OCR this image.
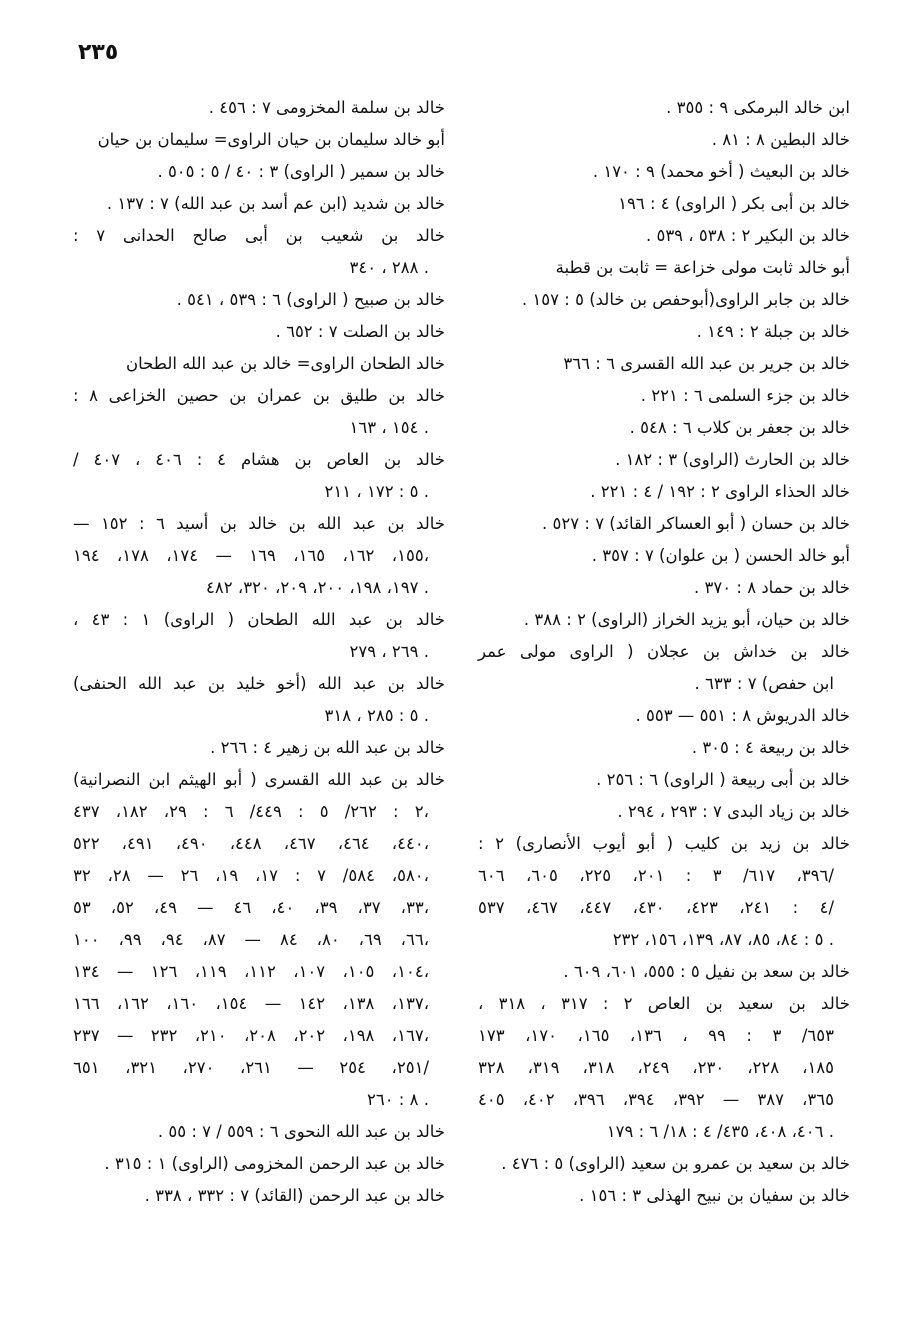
٢٣٥
ابن خالد البرمكى ٩ : ٣٥٥ .
خالد البطين ٨ : ٨١ .
خالد بن البعيث ( أخو محمد) ٩ : ١٧٠ .
خالد بن أبى بكر ( الراوى) ٤ : ١٩٦
خالد بن البكير ٢ : ٥٣٨ ، ٥٣٩ .
أبو خالد ثابت مولى خزاعة = ثابت بن قطبة
خالد بن جابر الراوى(أبوحفص بن خالد) ٥ : ١٥٧ .
خالد بن جبلة ٢ : ١٤٩ .
خالد بن جرير بن عبد الله القسرى ٦ : ٣٦٦
خالد بن جزء السلمى ٦ : ٢٢١ .
خالد بن جعفر بن كلاب ٦ : ٥٤٨ .
خالد بن الحارث (الراوى) ٣ : ١٨٢ .
خالد الحذاء الراوى ٢ : ١٩٢ / ٤ : ٢٢١ .
خالد بن حسان ( أبو العساكر القائد) ٧ : ٥٢٧ .
أبو خالد الحسن ( بن علوان) ٧ : ٣٥٧ .
خالد بن حماد ٨ : ٣٧٠ .
خالد بن حيان، أبو يزيد الخراز (الراوى) ٢ : ٣٨٨ .
خالد بن خداش بن عجلان ( الراوى مولى عمر
ابن حفص) ٧ : ٦٣٣ .
خالد الدريوش ٨ : ٥٥١ — ٥٥٣ .
خالد بن ربيعة ٤ : ٣٠٥ .
خالد بن أبى ربيعة ( الراوى) ٦ : ٢٥٦ .
خالد بن زياد البدى ٧ : ٢٩٣ ، ٢٩٤ .
خالد بن زيد بن كليب ( أبو أيوب الأنصارى) ٢ :
٣٩٦، ٦١٧/ ٣ : ٢٠١، ٢٢٥، ٦٠٥، ٦٠٦/
٤ : ٢٤١، ٤٢٣، ٤٣٠، ٤٤٧، ٤٦٧، ٥٣٧/
٥ : ٨٤، ٨٥، ٨٧، ١٣٩، ١٥٦، ٢٣٢ .
خالد بن سعد بن نفيل ٥ : ٥٥٥، ٦٠١، ٦٠٩ .
خالد بن سعيد بن العاص ٢ : ٣١٧ ، ٣١٨ ،
٦٥٣/ ٣ : ٩٩ ، ١٣٦، ١٦٥، ١٧٠، ١٧٣
١٨٥، ٢٢٨، ٢٣٠، ٢٤٩، ٣١٨، ٣١٩، ٣٢٨
٣٦٥، ٣٨٧ — ٣٩٢، ٣٩٤، ٣٩٦، ٤٠٢، ٤٠٥
٤٠٦، ٤٠٨، ٤٣٥/ ٤ : ١٨/ ٦ : ١٧٩ .
خالد بن سعيد بن عمرو بن سعيد (الراوى) ٥ : ٤٧٦ .
خالد بن سفيان بن نبيح الهذلى ٣ : ١٥٦ .
خالد بن سلمة المخزومى ٧ : ٤٥٦ .
أبو خالد سليمان بن حيان الراوى= سليمان بن حيان
خالد بن سمير ( الراوى) ٣ : ٤٠ / ٥ : ٥٠٥ .
خالد بن شديد (ابن عم أسد بن عبد الله) ٧ : ١٣٧ .
خالد بن شعيب بن أبى صالح الحدانى ٧ :
٢٨٨ ، ٣٤٠ .
خالد بن صبيح ( الراوى) ٦ : ٥٣٩ ، ٥٤١ .
خالد بن الصلت ٧ : ٦٥٢ .
خالد الطحان الراوى= خالد بن عبد الله الطحان
خالد بن طليق بن عمران بن حصين الخزاعى ٨ :
١٥٤ ، ١٦٣ .
خالد بن العاص بن هشام ٤ : ٤٠٦ ، ٤٠٧ /
٥ : ١٧٢ ، ٢١١ .
خالد بن عبد الله بن خالد بن أسيد ٦ : ١٥٢ —
١٥٥، ١٦٢، ١٦٥، ١٦٩ — ١٧٤، ١٧٨، ١٩٤،
١٩٧، ١٩٨، ٢٠٠، ٢٠٩، ٣٢٠، ٤٨٢ .
خالد بن عبد الله الطحان ( الراوى) ١ : ٤٣ ،
٢٦٩ ، ٢٧٩ .
خالد بن عبد الله (أخو خليد بن عبد الله الحنفى)
٥ : ٢٨٥ ، ٣١٨ .
خالد بن عبد الله بن زهير ٤ : ٢٦٦ .
خالد بن عبد الله القسرى ( أبو الهيثم ابن النصرانية)
٢ : ٢٦٢/ ٥ : ٤٤٩/ ٦ : ٢٩، ١٨٢، ٤٣٧،
٤٤٠، ٤٦٤، ٤٦٧، ٤٤٨، ٤٩٠، ٤٩١، ٥٢٢،
٥٨٠، ٥٨٤/ ٧ : ١٧، ١٩، ٢٦ — ٢٨، ٣٢،
٣٣، ٣٧، ٣٩، ٤٠، ٤٦ — ٤٩، ٥٢، ٥٣،
٦٦، ٦٩، ٨٠، ٨٤ — ٨٧، ٩٤، ٩٩، ١٠٠،
١٠٤، ١٠٥، ١٠٧، ١١٢، ١١٩، ١٢٦ — ١٣٤،
١٣٧، ١٣٨، ١٤٢ — ١٥٤، ١٦٠، ١٦٢، ١٦٦،
١٦٧، ١٩٨، ٢٠٢، ٢٠٨، ٢١٠، ٢٣٢ — ٢٣٧،
٢٥١، ٢٥٤ — ٢٦١، ٢٧٠، ٣٢١، ٦٥١/
٨ : ٢٦٠ .
خالد بن عبد الله النحوى ٦ : ٥٥٩ / ٧ : ٥٥ .
خالد بن عبد الرحمن المخزومى (الراوى) ١ : ٣١٥ .
خالد بن عبد الرحمن (القائد) ٧ : ٣٣٢ ، ٣٣٨ .
